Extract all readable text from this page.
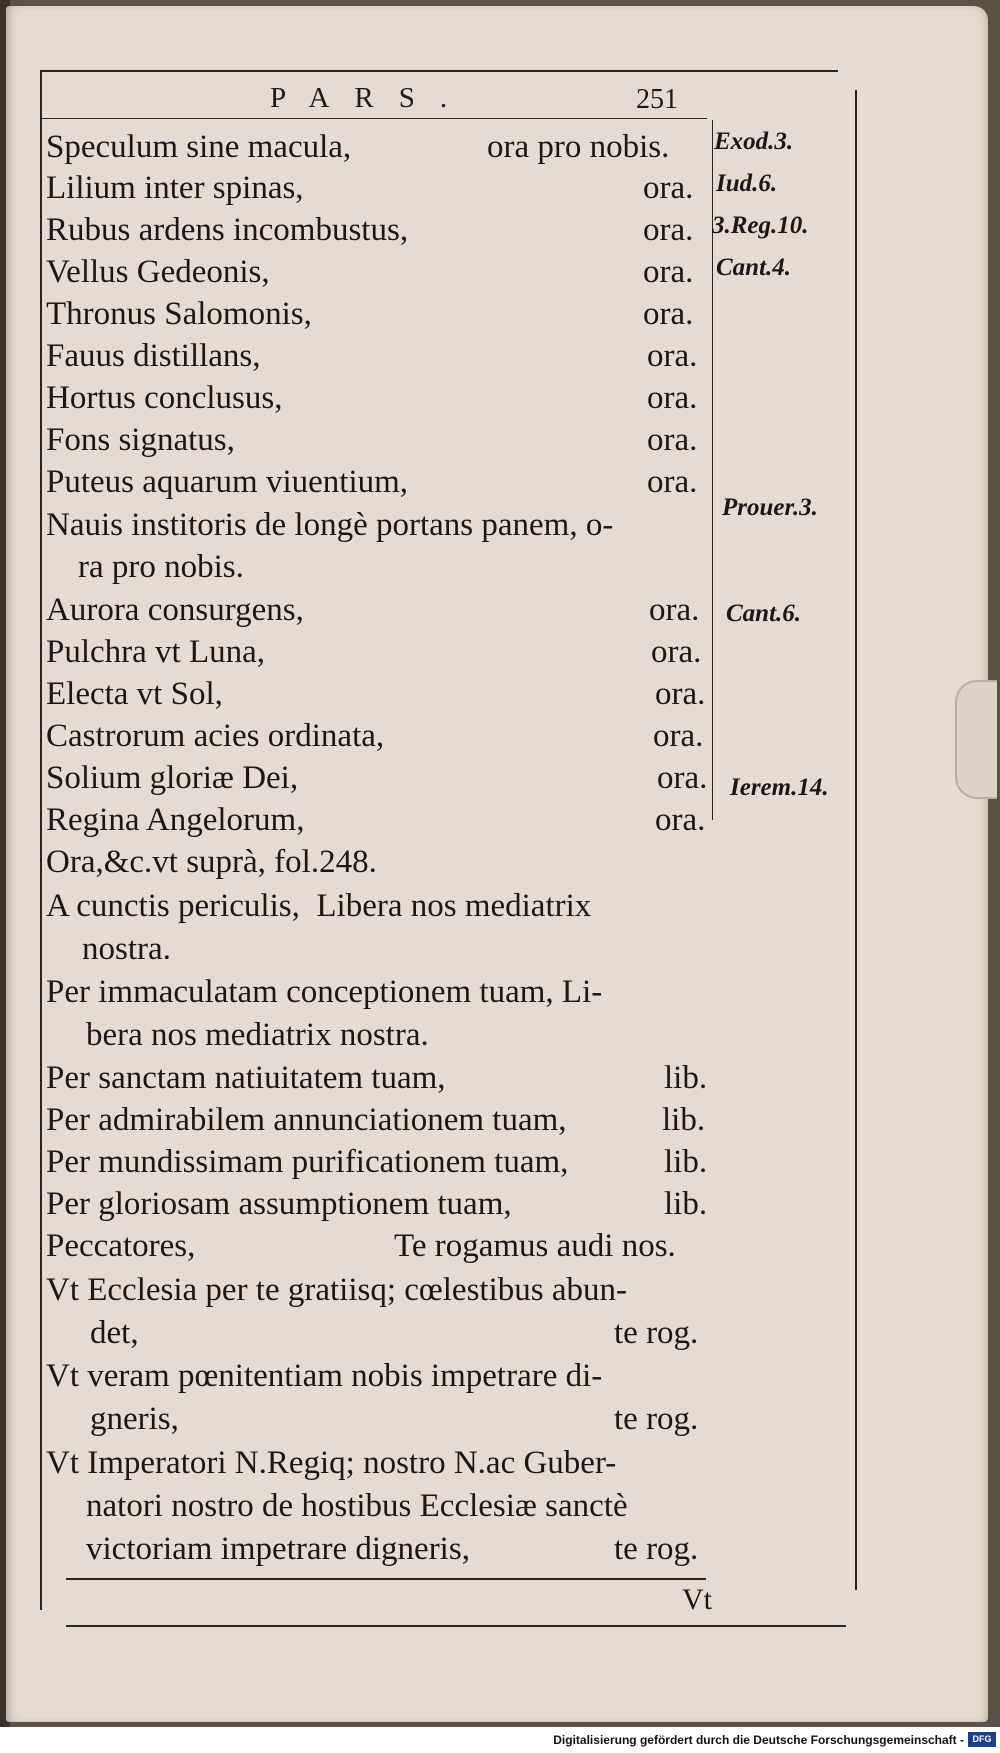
PARS.	251
Speculum sine macula,	ora pro nobis.
Lilium inter spinas,	ora.
Rubus ardens incombustus,	ora.
Vellus Gedeonis,	ora.
Thronus Salomonis,	ora.
Fauus distillans,	ora.
Hortus conclusus,	ora.
Fons signatus,	ora.
Puteus aquarum viuentium,	ora.
Nauis institoris de longè portans panem, o-
ra pro nobis.
Aurora consurgens,	ora.
Pulchra vt Luna,	ora.
Electa vt Sol,	ora.
Castrorum acies ordinata,	ora.
Solium gloriæ Dei,	ora.
Regina Angelorum,	ora.
Ora,&c.vt suprà, fol.248.
A cunctis periculis,  Libera nos mediatrix
nostra.
Per immaculatam conceptionem tuam, Li-
bera nos mediatrix nostra.
Per sanctam natiuitatem tuam,	lib.
Per admirabilem annunciationem tuam,	lib.
Per mundissimam purificationem tuam,	lib.
Per gloriosam assumptionem tuam,	lib.
Peccatores,	Te rogamus audi nos.
Vt Ecclesia per te gratiisq; cœlestibus abun-
det,	te rog.
Vt veram pœnitentiam nobis impetrare di-
gneris,	te rog.
Vt Imperatori N.Regiq; nostro N.ac Guber-
natori nostro de hostibus Ecclesiæ sanctè
victoriam impetrare digneris,	te rog.
Exod.3.
Iud.6.
3.Reg.10.
Cant.4.
Prouer.3.
Cant.6.
Ierem.14.
Vt
Digitalisierung gefördert durch die Deutsche Forschungsgemeinschaft - DFG
